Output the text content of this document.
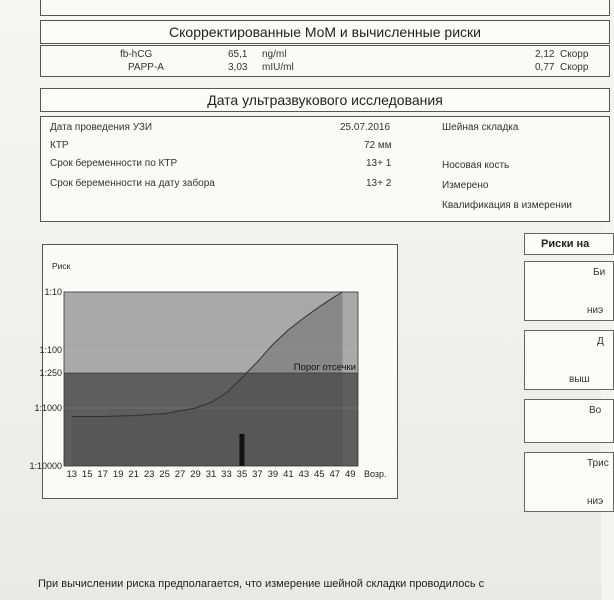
Скорректированные MoM и вычисленные риски
fb-hCG	65,1 ng/ml	2,12 Скорр
PAPP-A	3,03 mIU/ml	0,77 Скорр
Дата ультразвукового исследования
Дата проведения УЗИ	25.07.2016	Шейная складка
КТР	72 мм
Срок беременности по КТР	13+ 1	Носовая кость
Срок беременности на дату забора	13+ 2	Измерено
Квалификация в измерении
1:10
1:100
1:250
1:1000
1:10000
Порог отсечки
13 15 17 19 21 23 25 27 29 31 33 35 37 39 41 43 45 47 49 Возр.
Риск
Риски на
Би
ниэ
Д
выш
Во
Трис
ниэ
При вычислении риска предполагается, что измерение шейной складки проводилось с
